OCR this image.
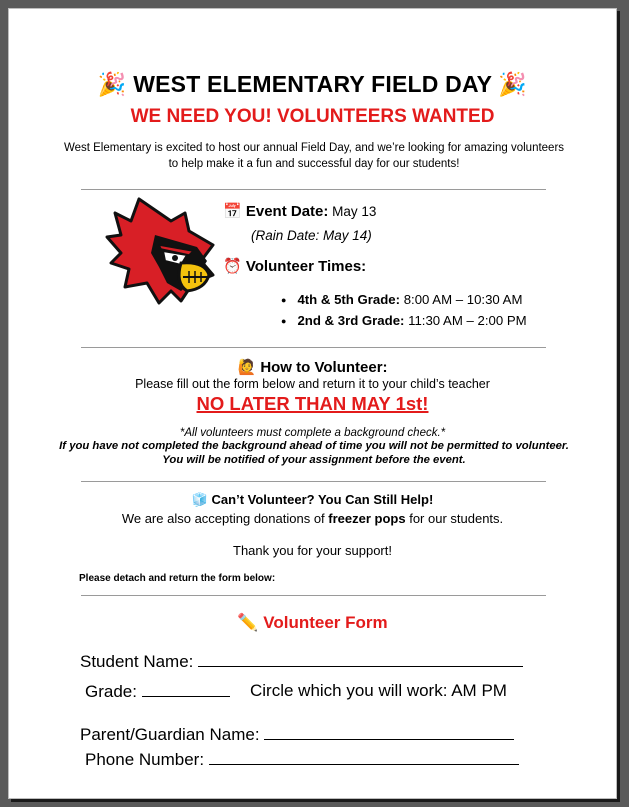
🎉 WEST ELEMENTARY FIELD DAY 🎉
WE NEED YOU! VOLUNTEERS WANTED
West Elementary is excited to host our annual Field Day, and we’re looking for amazing volunteers to help make it a fun and successful day for our students!
📅 Event Date: May 13
(Rain Date: May 14)
⏰ Volunteer Times:
● 4th & 5th Grade: 8:00 AM – 10:30 AM
● 2nd & 3rd Grade: 11:30 AM – 2:00 PM
🙋 How to Volunteer:
Please fill out the form below and return it to your child’s teacher
NO LATER THAN MAY 1st!
*All volunteers must complete a background check.*
If you have not completed the background ahead of time you will not be permitted to volunteer. You will be notified of your assignment before the event.
🧊 Can’t Volunteer? You Can Still Help!
We are also accepting donations of freezer pops for our students.
Thank you for your support!
Please detach and return the form below:
✏️ Volunteer Form
Student Name:
Grade:	Circle which you will work: AM PM
Parent/Guardian Name:
Phone Number:
